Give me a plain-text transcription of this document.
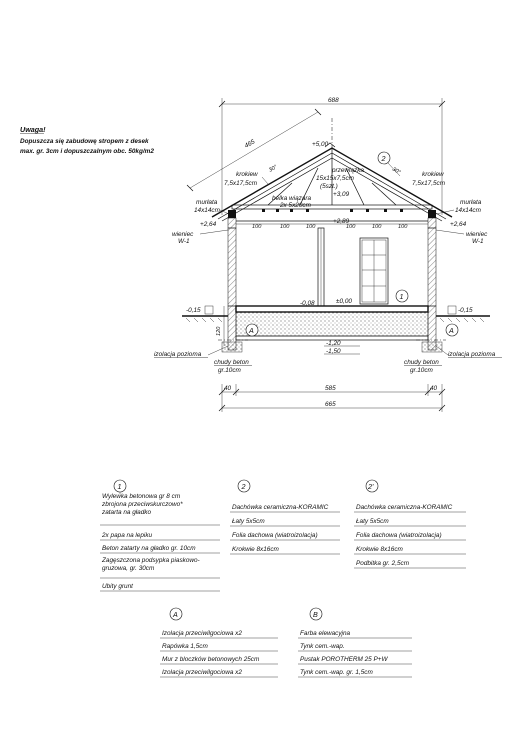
Uwaga!
Dopuszcza się zabudowę stropem z desek
max. gr. 3cm i dopuszczalnym obc. 50kg/m2
688
465	+5,00
100	100	100	100	100	100
30°	30°
krokiew
7,5x17,5cm
belka wiązara
2x 5x20cm
przewiązka
15x15x7,5cm
(5szt.)
+3,09
+2,89
krokiew
7,5x17,5cm
murłata
14x14cm
murłata
14x14cm
+2,64	+2,64
wieniec
W-1
wieniec
W-1
2
±0,00
-0,08
1
-0,15	-0,15
120
-1,20
-1,50
A	A
izolacja pozioma	izolacja pozioma
chudy beton
gr.10cm
chudy beton
gr.10cm
40	585	40
665
1
Wylewka betonowa gr 8 cm
zbrojona przeciwskurczowo*
zatarta na gładko
2x papa na lepiku
Beton zatarty na gładko gr. 10cm
Zagęszczona podsypka piaskowo-
gruzowa, gr. 30cm
Ubity grunt
2
Dachówka ceramiczna-KORAMIC
Łaty 5x5cm
Folia dachowa (wiatroizolacja)
Krokwie 8x16cm
2'
Dachówka ceramiczna-KORAMIC
Łaty 5x5cm
Folia dachowa (wiatroizolacja)
Krokwie 8x16cm
Podbitka gr. 2,5cm
A
Izolacja przeciwilgociowa x2
Rapówka 1,5cm
Mur z bloczków betonowych 25cm
Izolacja przeciwilgociowa x2
B
Farba elewacyjna
Tynk cem.-wap.
Pustak POROTHERM 25 P+W
Tynk cem.-wap. gr. 1,5cm
